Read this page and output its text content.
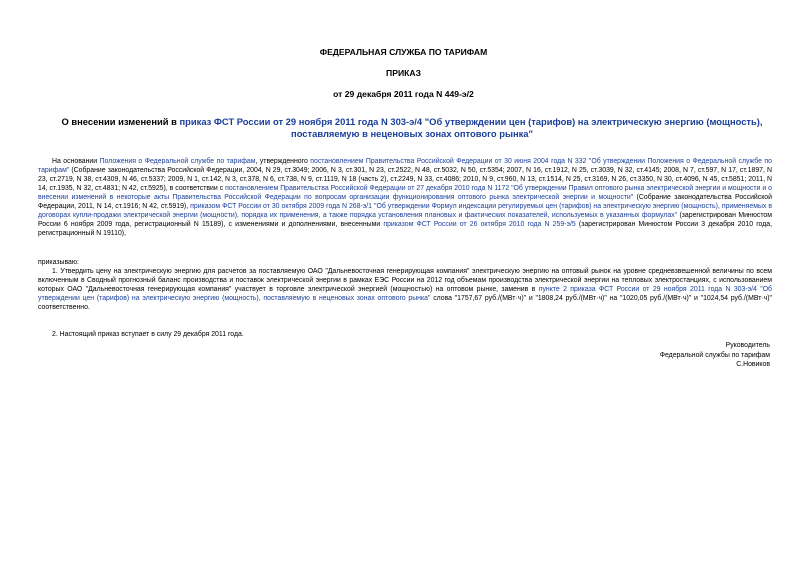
ФЕДЕРАЛЬНАЯ СЛУЖБА ПО ТАРИФАМ
ПРИКАЗ
от 29 декабря 2011 года N 449-э/2
О внесении изменений в приказ ФСТ России от 29 ноября 2011 года N 303-э/4 "Об утверждении цен (тарифов) на электрическую энергию (мощность), поставляемую в неценовых зонах оптового рынка"

На основании Положения о Федеральной службе по тарифам, утвержденного постановлением Правительства Российской Федерации от 30 июня 2004 года N 332 "Об утверждении Положения о Федеральной службе по тарифам" (Собрание законодательства Российской Федерации, 2004, N 29, ст.3049; 2006, N 3, ст.301, N 23, ст.2522, N 48, ст.5032, N 50, ст.5354; 2007, N 16, ст.1912, N 25, ст.3039, N 32, ст.4145; 2008, N 7, ст.597, N 17, ст.1897, N 23, ст.2719, N 38, ст.4309, N 46, ст.5337; 2009, N 1, ст.142, N 3, ст.378, N 6, ст.738, N 9, ст.1119, N 18 (часть 2), ст.2249, N 33, ст.4086; 2010, N 9, ст.960, N 13, ст.1514, N 25, ст.3169, N 26, ст.3350, N 30, ст.4096, N 45, ст.5851; 2011, N 14, ст.1935, N 32, ст.4831; N 42, ст.5925), в соответствии с постановлением Правительства Российской Федерации от 27 декабря 2010 года N 1172 "Об утверждении Правил оптового рынка электрической энергии и мощности и о внесении изменений в некоторые акты Правительства Российской Федерации по вопросам организации функционирования оптового рынка электрической энергии и мощности" (Собрание законодательства Российской Федерации, 2011, N 14, ст.1916; N 42, ст.5919), приказом ФСТ России от 30 октября 2009 года N 268-э/1 "Об утверждении Формул индексации регулируемых цен (тарифов) на электрическую энергию (мощность), применяемых в договорах купли-продажи электрической энергии (мощности), порядка их применения, а также порядка установления плановых и фактических показателей, используемых в указанных формулах" (зарегистрирован Минюстом России 6 ноября 2009 года, регистрационный N 15189), с изменениями и дополнениями, внесенными приказом ФСТ России от 26 октября 2010 года N 259-э/5 (зарегистрирован Минюстом России 3 декабря 2010 года, регистрационный N 19110),

приказываю:

1. Утвердить цену на электрическую энергию для расчетов за поставляемую ОАО "Дальневосточная генерирующая компания" электрическую энергию на оптовый рынок на уровне средневзвешенной величины по всем включенным в Сводный прогнозный баланс производства и поставок электрической энергии в рамках ЕЭС России на 2012 год объемам производства электрической энергии на тепловых электростанциях, с использованием которых ОАО "Дальневосточная генерирующая компания" участвует в торговле электрической энергией (мощностью) на оптовом рынке, заменив в пункте 2 приказа ФСТ России от 29 ноября 2011 года N 303-э/4 "Об утверждении цен (тарифов) на электрическую энергию (мощность), поставляемую в неценовых зонах оптового рынка" слова "1757,67 руб./(МВт·ч)" и "1808,24 руб./(МВт·ч)" на "1020,05 руб./(МВт·ч)" и "1024,54 руб./(МВт·ч)" соответственно.

2. Настоящий приказ вступает в силу 29 декабря 2011 года.

Руководитель
Федеральной службы по тарифам
С.Новиков
